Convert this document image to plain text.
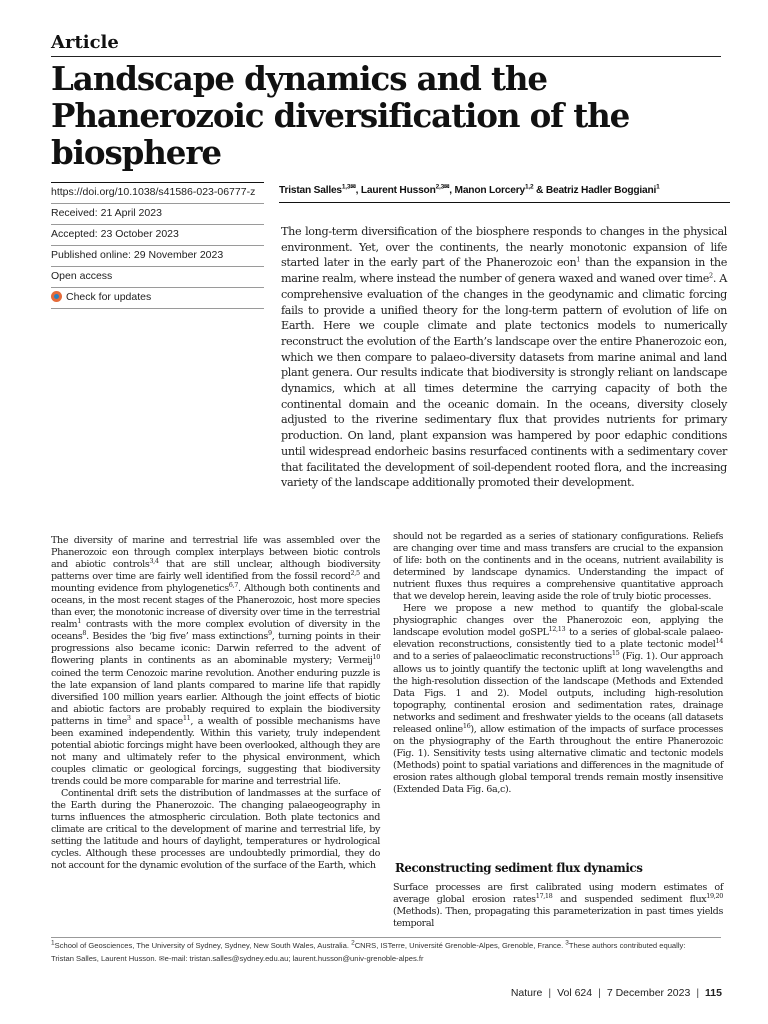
Article
Landscape dynamics and the Phanerozoic diversification of the biosphere
https://doi.org/10.1038/s41586-023-06777-z
Received: 21 April 2023
Accepted: 23 October 2023
Published online: 29 November 2023
Open access
Check for updates
Tristan Salles$^{1,3✉}$, Laurent Husson$^{2,3✉}$, Manon Lorcery$^{1,2}$ & Beatriz Hadler Boggiani$^1$
The long-term diversification of the biosphere responds to changes in the physical environment. Yet, over the continents, the nearly monotonic expansion of life started later in the early part of the Phanerozoic eon$^1$ than the expansion in the marine realm, where instead the number of genera waxed and waned over time$^2$. A comprehensive evaluation of the changes in the geodynamic and climatic forcing fails to provide a unified theory for the long-term pattern of evolution of life on Earth. Here we couple climate and plate tectonics models to numerically reconstruct the evolution of the Earth’s landscape over the entire Phanerozoic eon, which we then compare to palaeo-diversity datasets from marine animal and land plant genera. Our results indicate that biodiversity is strongly reliant on landscape dynamics, which at all times determine the carrying capacity of both the continental domain and the oceanic domain. In the oceans, diversity closely adjusted to the riverine sedimentary flux that provides nutrients for primary production. On land, plant expansion was hampered by poor edaphic conditions until widespread endorheic basins resurfaced continents with a sedimentary cover that facilitated the development of soil-dependent rooted flora, and the increasing variety of the landscape additionally promoted their development.

The diversity of marine and terrestrial life was assembled over the Phanerozoic eon through complex interplays between biotic controls and abiotic controls$^{3,4}$ that are still unclear, although biodiversity patterns over time are fairly well identified from the fossil record$^{2,5}$ and mounting evidence from phylogenetics$^{6,7}$. Although both continents and oceans, in the most recent stages of the Phanerozoic, host more species than ever, the monotonic increase of diversity over time in the terrestrial realm$^1$ contrasts with the more complex evolution of diversity in the oceans$^8$. Besides the ‘big five’ mass extinctions$^9$, turning points in their progressions also became iconic: Darwin referred to the advent of flowering plants in continents as an abominable mystery; Vermeij$^{10}$ coined the term Cenozoic marine revolution. Another enduring puzzle is the late expansion of land plants compared to marine life that rapidly diversified 100 million years earlier. Although the joint effects of biotic and abiotic factors are probably required to explain the biodiversity patterns in time$^3$ and space$^{11}$, a wealth of possible mechanisms have been examined independently. Within this variety, truly independent potential abiotic forcings might have been overlooked, although they are not many and ultimately refer to the physical environment, which couples climatic or geological forcings, suggesting that biodiversity trends could be more comparable for marine and terrestrial life.

Continental drift sets the distribution of landmasses at the surface of the Earth during the Phanerozoic. The changing palaeogeography in turns influences the atmospheric circulation. Both plate tectonics and climate are critical to the development of marine and terrestrial life, by setting the latitude and hours of daylight, temperatures or hydrological cycles. Although these processes are undoubtedly primordial, they do not account for the dynamic evolution of the surface of the Earth, which

should not be regarded as a series of stationary configurations. Reliefs are changing over time and mass transfers are crucial to the expansion of life: both on the continents and in the oceans, nutrient availability is determined by landscape dynamics. Understanding the impact of nutrient fluxes thus requires a comprehensive quantitative approach that we develop herein, leaving aside the role of truly biotic processes.

Here we propose a new method to quantify the global-scale physiographic changes over the Phanerozoic eon, applying the landscape evolution model goSPL$^{12,13}$ to a series of global-scale palaeo-elevation reconstructions, consistently tied to a plate tectonic model$^{14}$ and to a series of palaeoclimatic reconstructions$^{15}$ (Fig. 1). Our approach allows us to jointly quantify the tectonic uplift at long wavelengths and the high-resolution dissection of the landscape (Methods and Extended Data Figs. 1 and 2). Model outputs, including high-resolution topography, continental erosion and sedimentation rates, drainage networks and sediment and freshwater yields to the oceans (all datasets released online$^{16}$), allow estimation of the impacts of surface processes on the physiography of the Earth throughout the entire Phanerozoic (Fig. 1). Sensitivity tests using alternative climatic and tectonic models (Methods) point to spatial variations and differences in the magnitude of erosion rates although global temporal trends remain mostly insensitive (Extended Data Fig. 6a,c).

Reconstructing sediment flux dynamics
Surface processes are first calibrated using modern estimates of average global erosion rates$^{17,18}$ and suspended sediment flux$^{19,20}$ (Methods). Then, propagating this parameterization in past times yields temporal
$^1$School of Geosciences, The University of Sydney, Sydney, New South Wales, Australia. $^2$CNRS, ISTerre, Université Grenoble-Alpes, Grenoble, France. $^3$These authors contributed equally:
Tristan Salles, Laurent Husson. ✉e-mail: tristan.salles@sydney.edu.au; laurent.husson@univ-grenoble-alpes.fr
Nature | Vol 624 | 7 December 2023 | 115
